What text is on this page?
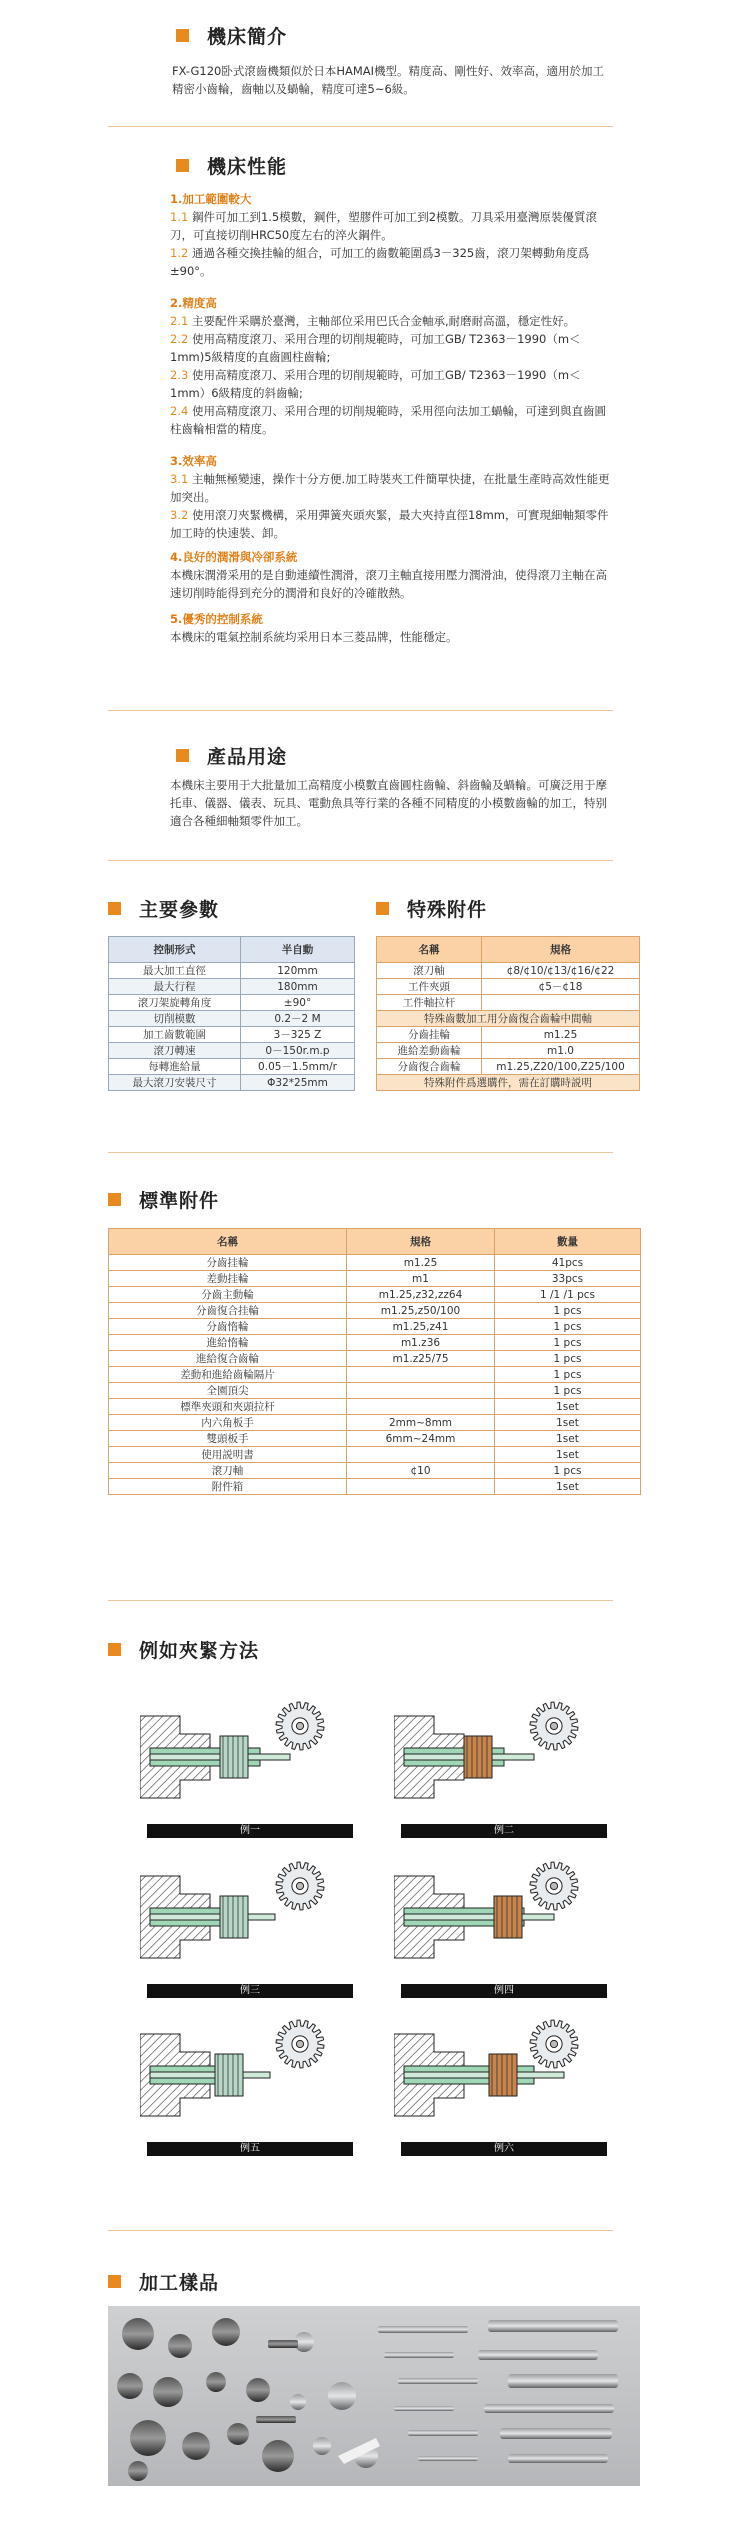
機床簡介
FX-G120卧式滾齒機類似於日本HAMAI機型。精度高、剛性好、效率高，適用於加工精密小齒輪，齒軸以及蝸輪，精度可達5~6級。
機床性能
1.加工範圍較大
1.1 鋼件可加工到1.5模數，鋼件，塑膠件可加工到2模數。刀具采用臺灣原裝優質滾刀，可直接切削HRC50度左右的淬火鋼件。
1.2 通過各種交換挂輪的組合，可加工的齒數範圍爲3－325齒，滾刀架轉動角度爲±90°。
2.精度高
2.1 主要配件采購於臺灣，主軸部位采用巴氏合金軸承,耐磨耐高溫，穩定性好。
2.2 使用高精度滾刀、采用合理的切削規範時，可加工GB/ T2363－1990（m＜1mm)5級精度的直齒圓柱齒輪;
2.3 使用高精度滾刀、采用合理的切削規範時，可加工GB/ T2363－1990（m＜1mm）6級精度的斜齒輪;
2.4 使用高精度滾刀、采用合理的切削規範時，采用徑向法加工蝸輪，可達到與直齒圓柱齒輪相當的精度。
3.效率高
3.1 主軸無極變速，操作十分方便.加工時裝夾工件簡單快捷，在批量生產時高效性能更加突出。
3.2 使用滾刀夾緊機構，采用彈簧夾頭夾緊，最大夾持直徑18mm，可實現細軸類零件加工時的快速裝、卸。
4.良好的潤滑與冷卻系統
本機床潤滑采用的是自動連續性潤滑，滾刀主軸直接用壓力潤滑油，使得滾刀主軸在高速切削時能得到充分的潤滑和良好的冷確散熱。
5.優秀的控制系統
本機床的電氣控制系統均采用日本三菱品牌，性能穩定。
產品用途
本機床主要用于大批量加工高精度小模數直齒圓柱齒輪、斜齒輪及蝸輪。可廣泛用于摩托車、儀器、儀表、玩具、電動魚具等行業的各種不同精度的小模數齒輪的加工，特别適合各種細軸類零件加工。
主要參數	特殊附件
控制形式	半自動
最大加工直徑	120mm
最大行程	180mm
滾刀架旋轉角度	±90°
切削模數	0.2－2 M
加工齒數範圍	3－325 Z
滾刀轉速	0－150r.m.p
每轉進給量	0.05－1.5mm/r
最大滾刀安裝尺寸	Φ32*25mm
名稱	規格
滾刀軸	¢8/¢10/¢13/¢16/¢22
工件夾頭	¢5－¢18
工件軸拉杆	
特殊齒數加工用分齒復合齒輪中間軸	
分齒挂輪	m1.25
進給差動齒輪	m1.0
分齒復合齒輪	m1.25,Z20/100,Z25/100
特殊附件爲選購件，需在訂購時説明	
標準附件
名稱	規格	數量
分齒挂輪	m1.25	41pcs
差動挂輪	m1	33pcs
分齒主動輪	m1.25,z32,zz64	1 /1 /1 pcs
分齒復合挂輪	m1.25,z50/100	1 pcs
分齒惰輪	m1.25,z41	1 pcs
進給惰輪	m1.z36	1 pcs
進給復合齒輪	m1.z25/75	1 pcs
差動和進給齒輪隔片		1 pcs
全園頂尖		1 pcs
標準夾頭和夾頭拉杆		1set
内六角板手	2mm~8mm	1set
雙頭板手	6mm~24mm	1set
使用説明書		1set
滾刀軸	¢10	1 pcs
附件箱		1set
例如夾緊方法
例一	例二
例三	例四
例五	例六
加工樣品
